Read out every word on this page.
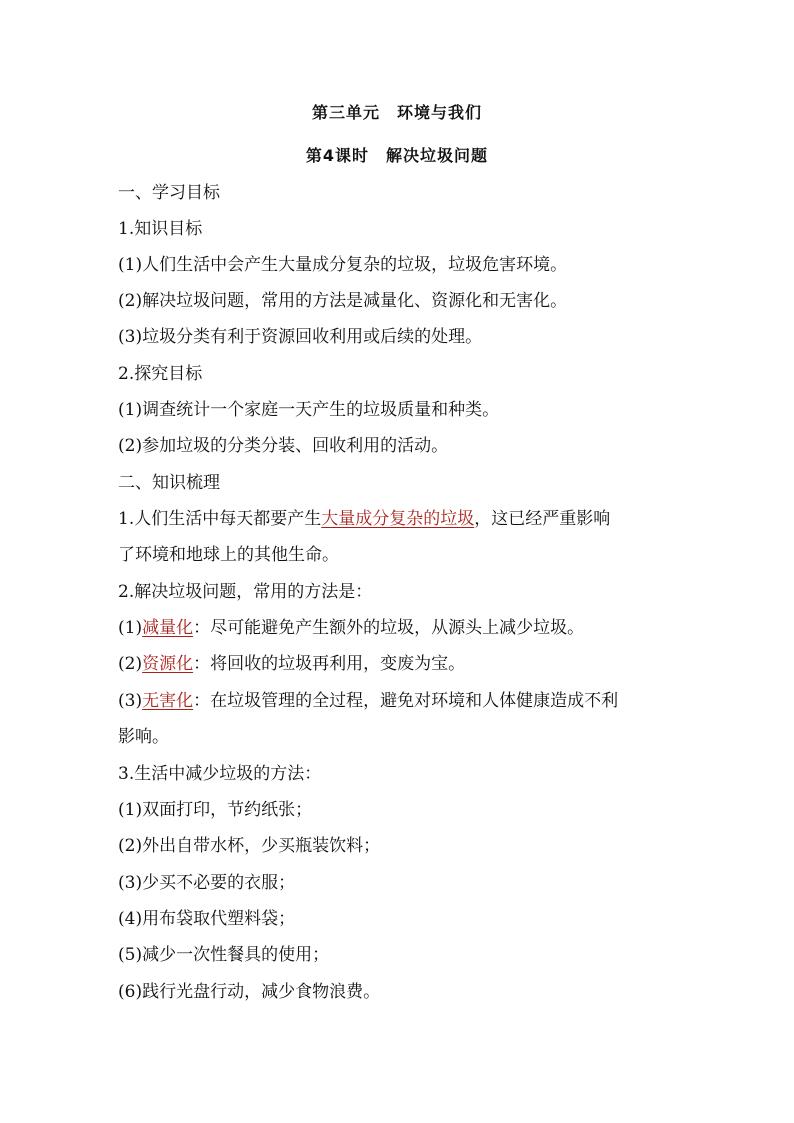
第三单元　环境与我们
第4课时　解决垃圾问题
一、学习目标
1.知识目标
(1)人们生活中会产生大量成分复杂的垃圾，垃圾危害环境。
(2)解决垃圾问题，常用的方法是减量化、资源化和无害化。
(3)垃圾分类有利于资源回收利用或后续的处理。
2.探究目标
(1)调查统计一个家庭一天产生的垃圾质量和种类。
(2)参加垃圾的分类分装、回收利用的活动。
二、知识梳理
1.人们生活中每天都要产生大量成分复杂的垃圾，这已经严重影响
了环境和地球上的其他生命。
2.解决垃圾问题，常用的方法是：
(1)减量化：尽可能避免产生额外的垃圾，从源头上减少垃圾。
(2)资源化：将回收的垃圾再利用，变废为宝。
(3)无害化：在垃圾管理的全过程，避免对环境和人体健康造成不利
影响。
3.生活中减少垃圾的方法：
(1)双面打印，节约纸张；
(2)外出自带水杯，少买瓶装饮料；
(3)少买不必要的衣服；
(4)用布袋取代塑料袋；
(5)减少一次性餐具的使用；
(6)践行光盘行动，减少食物浪费。
